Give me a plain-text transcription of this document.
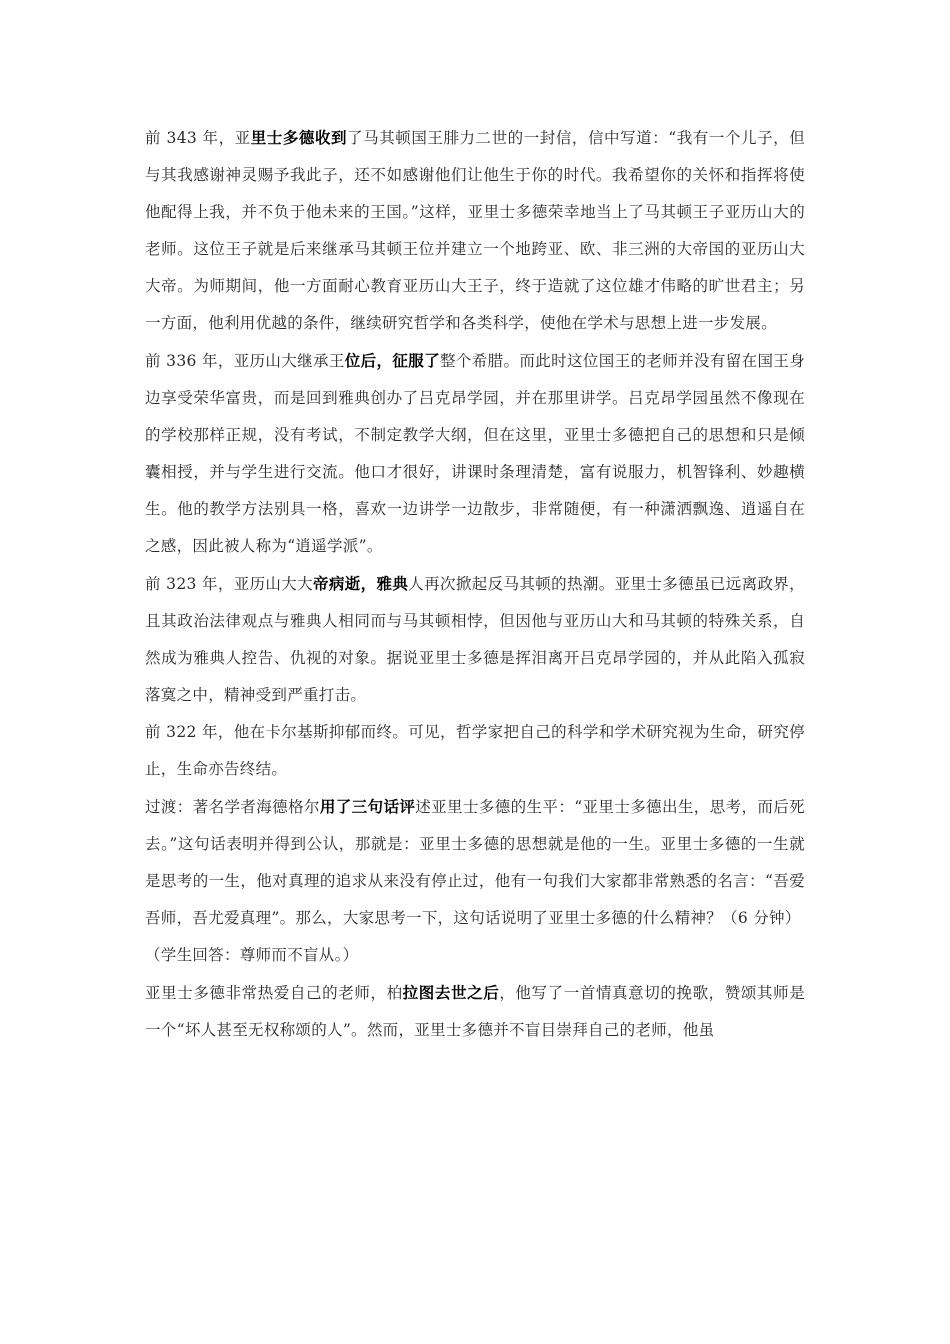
前 343 年，亚里士多德收到了马其顿国王腓力二世的一封信，信中写道：“我有一个儿子，但与其我感谢神灵赐予我此子，还不如感谢他们让他生于你的时代。我希望你的关怀和指挥将使他配得上我，并不负于他未来的王国。”这样，亚里士多德荣幸地当上了马其顿王子亚历山大的老师。这位王子就是后来继承马其顿王位并建立一个地跨亚、欧、非三洲的大帝国的亚历山大大帝。为师期间，他一方面耐心教育亚历山大王子，终于造就了这位雄才伟略的旷世君主；另一方面，他利用优越的条件，继续研究哲学和各类科学，使他在学术与思想上进一步发展。

前 336 年，亚历山大继承王位后，征服了整个希腊。而此时这位国王的老师并没有留在国王身边享受荣华富贵，而是回到雅典创办了吕克昂学园，并在那里讲学。吕克昂学园虽然不像现在的学校那样正规，没有考试，不制定教学大纲，但在这里，亚里士多德把自己的思想和只是倾囊相授，并与学生进行交流。他口才很好，讲课时条理清楚，富有说服力，机智锋利、妙趣横生。他的教学方法别具一格，喜欢一边讲学一边散步，非常随便，有一种潇洒飘逸、逍遥自在之感，因此被人称为“逍遥学派”。

前 323 年，亚历山大大帝病逝，雅典人再次掀起反马其顿的热潮。亚里士多德虽已远离政界，且其政治法律观点与雅典人相同而与马其顿相悖，但因他与亚历山大和马其顿的特殊关系，自然成为雅典人控告、仇视的对象。据说亚里士多德是挥泪离开吕克昂学园的，并从此陷入孤寂落寞之中，精神受到严重打击。

前 322 年，他在卡尔基斯抑郁而终。可见，哲学家把自己的科学和学术研究视为生命，研究停止，生命亦告终结。

过渡：著名学者海德格尔用了三句话评述亚里士多德的生平：“亚里士多德出生，思考，而后死去。”这句话表明并得到公认，那就是：亚里士多德的思想就是他的一生。亚里士多德的一生就是思考的一生，他对真理的追求从来没有停止过，他有一句我们大家都非常熟悉的名言：“吾爱吾师，吾尤爱真理”。那么，大家思考一下，这句话说明了亚里士多德的什么精神？（6 分钟）

（学生回答：尊师而不盲从。）

亚里士多德非常热爱自己的老师，柏拉图去世之后，他写了一首情真意切的挽歌，赞颂其师是一个“坏人甚至无权称颂的人”。然而，亚里士多德并不盲目崇拜自己的老师，他虽
